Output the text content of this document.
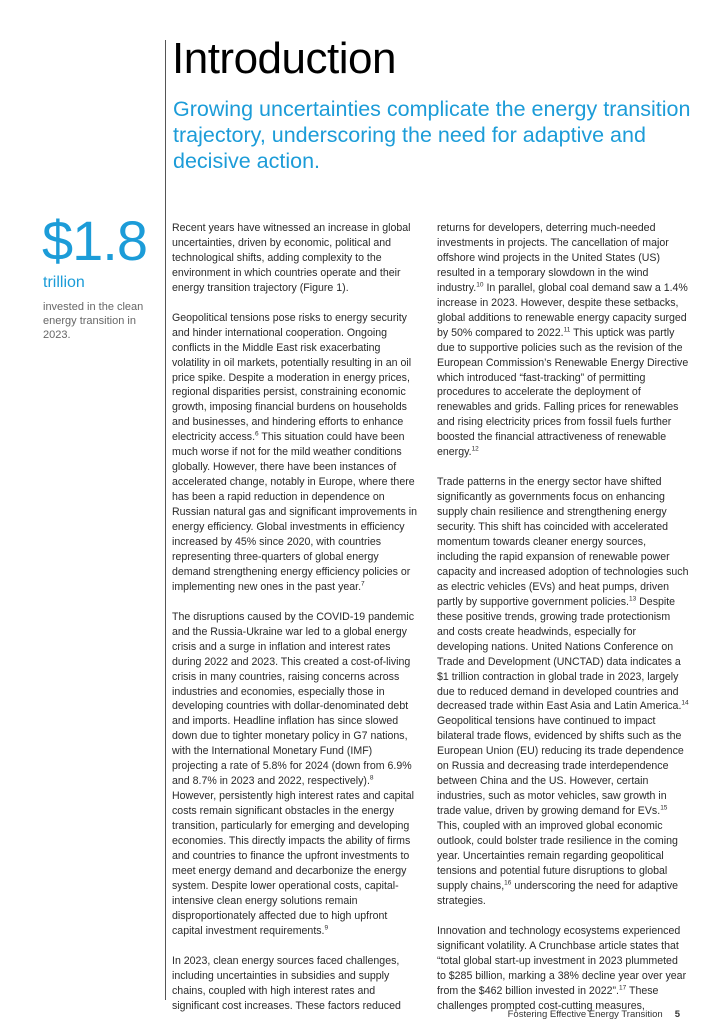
Introduction

Growing uncertainties complicate the energy transition trajectory, underscoring the need for adaptive and decisive action.

$1.8
trillion
invested in the clean energy transition in 2023.

Recent years have witnessed an increase in global uncertainties, driven by economic, political and technological shifts, adding complexity to the environment in which countries operate and their energy transition trajectory (Figure 1).

Geopolitical tensions pose risks to energy security and hinder international cooperation. Ongoing conflicts in the Middle East risk exacerbating volatility in oil markets, potentially resulting in an oil price spike. Despite a moderation in energy prices, regional disparities persist, constraining economic growth, imposing financial burdens on households and businesses, and hindering efforts to enhance electricity access.$^6$ This situation could have been much worse if not for the mild weather conditions globally. However, there have been instances of accelerated change, notably in Europe, where there has been a rapid reduction in dependence on Russian natural gas and significant improvements in energy efficiency. Global investments in efficiency increased by 45% since 2020, with countries representing three-quarters of global energy demand strengthening energy efficiency policies or implementing new ones in the past year.$^7$

The disruptions caused by the COVID-19 pandemic and the Russia-Ukraine war led to a global energy crisis and a surge in inflation and interest rates during 2022 and 2023. This created a cost-of-living crisis in many countries, raising concerns across industries and economies, especially those in developing countries with dollar-denominated debt and imports. Headline inflation has since slowed down due to tighter monetary policy in G7 nations, with the International Monetary Fund (IMF) projecting a rate of 5.8% for 2024 (down from 6.9% and 8.7% in 2023 and 2022, respectively).$^8$ However, persistently high interest rates and capital costs remain significant obstacles in the energy transition, particularly for emerging and developing economies. This directly impacts the ability of firms and countries to finance the upfront investments to meet energy demand and decarbonize the energy system. Despite lower operational costs, capital-intensive clean energy solutions remain disproportionately affected due to high upfront capital investment requirements.$^9$

In 2023, clean energy sources faced challenges, including uncertainties in subsidies and supply chains, coupled with high interest rates and significant cost increases. These factors reduced

returns for developers, deterring much-needed investments in projects. The cancellation of major offshore wind projects in the United States (US) resulted in a temporary slowdown in the wind industry.$^{10}$ In parallel, global coal demand saw a 1.4% increase in 2023. However, despite these setbacks, global additions to renewable energy capacity surged by 50% compared to 2022.11 This uptick was partly due to supportive policies such as the revision of the European Commission’s Renewable Energy Directive which introduced “fast-tracking” of permitting procedures to accelerate the deployment of renewables and grids. Falling prices for renewables and rising electricity prices from fossil fuels further boosted the financial attractiveness of renewable energy.$^{12}$

Trade patterns in the energy sector have shifted significantly as governments focus on enhancing supply chain resilience and strengthening energy security. This shift has coincided with accelerated momentum towards cleaner energy sources, including the rapid expansion of renewable power capacity and increased adoption of technologies such as electric vehicles (EVs) and heat pumps, driven partly by supportive government policies.$^{13}$ Despite these positive trends, growing trade protectionism and costs create headwinds, especially for developing nations. United Nations Conference on Trade and Development (UNCTAD) data indicates a $1 trillion contraction in global trade in 2023, largely due to reduced demand in developed countries and decreased trade within East Asia and Latin America.$^{14}$ Geopolitical tensions have continued to impact bilateral trade flows, evidenced by shifts such as the European Union (EU) reducing its trade dependence on Russia and decreasing trade interdependence between China and the US. However, certain industries, such as motor vehicles, saw growth in trade value, driven by growing demand for EVs.$^{15}$ This, coupled with an improved global economic outlook, could bolster trade resilience in the coming year. Uncertainties remain regarding geopolitical tensions and potential future disruptions to global supply chains,$^{16}$ underscoring the need for adaptive strategies.

Innovation and technology ecosystems experienced significant volatility. A Crunchbase article states that “total global start-up investment in 2023 plummeted to $285 billion, marking a 38% decline year over year from the $462 billion invested in 2022”.$^{17}$ These challenges prompted cost-cutting measures,

Fostering Effective Energy Transition 5
